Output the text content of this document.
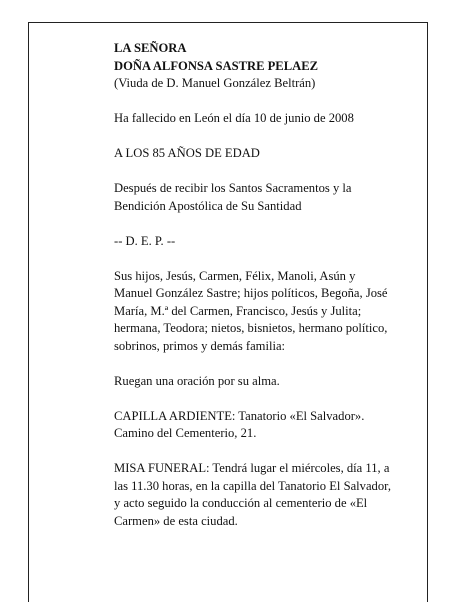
LA SEÑORA
DOÑA ALFONSA SASTRE PELAEZ
(Viuda de D. Manuel González Beltrán)
Ha fallecido en León el día 10 de junio de 2008
A LOS 85 AÑOS DE EDAD
Después de recibir los Santos Sacramentos y la
Bendición Apostólica de Su Santidad
-- D. E. P. --
Sus hijos, Jesús, Carmen, Félix, Manoli, Asún y
Manuel González Sastre; hijos políticos, Begoña, José
María, M.ª del Carmen, Francisco, Jesús y Julita;
hermana, Teodora; nietos, bisnietos, hermano político,
sobrinos, primos y demás familia:
Ruegan una oración por su alma.
CAPILLA ARDIENTE: Tanatorio «El Salvador».
Camino del Cementerio, 21.
MISA FUNERAL: Tendrá lugar el miércoles, día 11, a
las 11.30 horas, en la capilla del Tanatorio El Salvador,
y acto seguido la conducción al cementerio de «El
Carmen» de esta ciudad.
